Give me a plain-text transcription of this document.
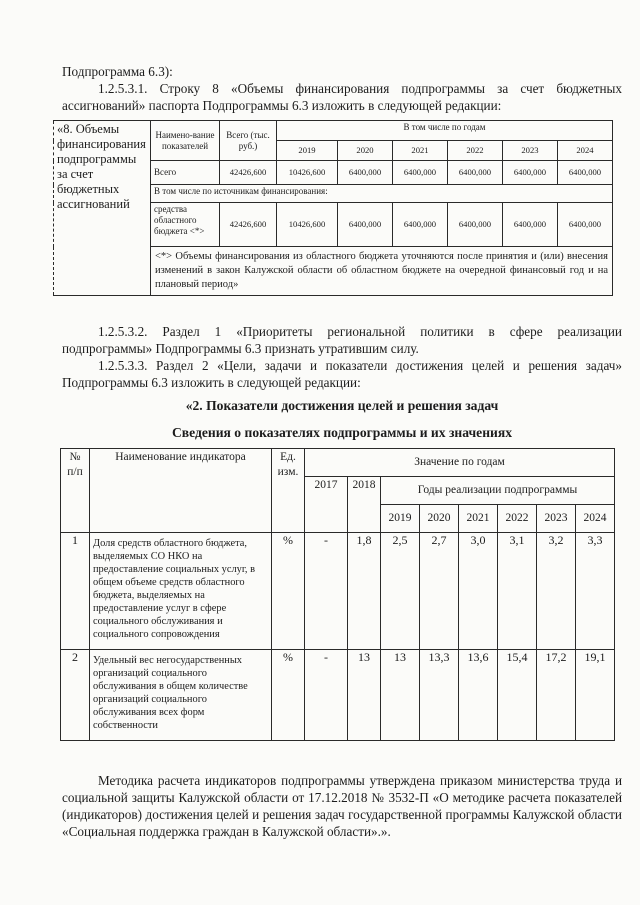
Подпрограмма 6.3):

1.2.5.3.1. Строку 8 «Объемы финансирования подпрограммы за счет бюджетных ассигнований» паспорта Подпрограммы 6.3 изложить в следующей редакции:

«8. Объемы финансирования подпрограммы за счет бюджетных ассигнований	Наимено-вание показателей	Всего (тыс. руб.)	В том числе по годам					
			2019	2020	2021	2022	2023	2024
	Всего	42426,600	10426,600	6400,000	6400,000	6400,000	6400,000	6400,000
	В том числе по источникам финансирования:							
	средства областного бюджета <*>	42426,600	10426,600	6400,000	6400,000	6400,000	6400,000	6400,000
	<*> Объемы финансирования из областного бюджета уточняются после принятия и (или) внесения изменений в закон Калужской области об областном бюджете на очередной финансовый год и на плановый период»							

1.2.5.3.2. Раздел 1 «Приоритеты региональной политики в сфере реализации подпрограммы» Подпрограммы 6.3 признать утратившим силу.

1.2.5.3.3. Раздел 2 «Цели, задачи и показатели достижения целей и решения задач» Подпрограммы 6.3 изложить в следующей редакции:

«2. Показатели достижения целей и решения задач
Сведения о показателях подпрограммы и их значениях
№ п/п	Наименование индикатора	Ед. изм.	Значение по годам							
			2017	2018	Годы реализации подпрограммы					
					2019	2020	2021	2022	2023	2024
1	Доля средств областного бюджета, выделяемых СО НКО на предоставление социальных услуг, в общем объеме средств областного бюджета, выделяемых на предоставление услуг в сфере социального обслуживания и социального сопровождения	%	-	1,8	2,5	2,7	3,0	3,1	3,2	3,3
2	Удельный вес негосударственных организаций социального обслуживания в общем количестве организаций социального обслуживания всех форм собственности	%	-	13	13	13,3	13,6	15,4	17,2	19,1

Методика расчета индикаторов подпрограммы утверждена приказом министерства труда и социальной защиты Калужской области от 17.12.2018 № 3532-П «О методике расчета показателей (индикаторов) достижения целей и решения задач государственной программы Калужской области «Социальная поддержка граждан в Калужской области».».
